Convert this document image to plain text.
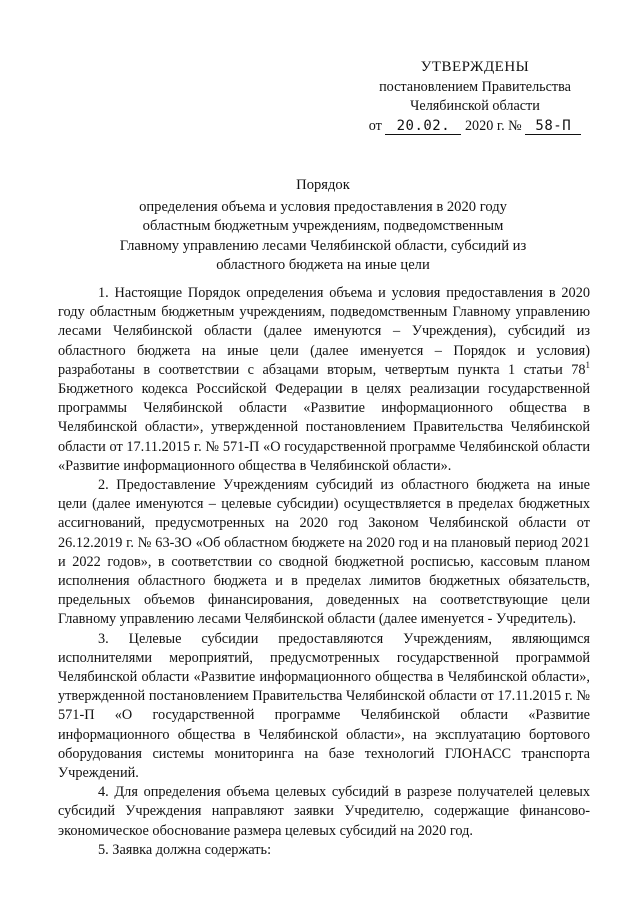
УТВЕРЖДЕНЫ
постановлением Правительства
Челябинской области
от 20.02. 2020 г. № 58-П
Порядок
определения объема и условия предоставления в 2020 году
областным бюджетным учреждениям, подведомственным
Главному управлению лесами Челябинской области, субсидий из
областного бюджета на иные цели

1. Настоящие Порядок определения объема и условия предоставления в 2020 году областным бюджетным учреждениям, подведомственным Главному управлению лесами Челябинской области (далее именуются – Учреждения), субсидий из областного бюджета на иные цели (далее именуется – Порядок и условия) разработаны в соответствии с абзацами вторым, четвертым пункта 1 статьи $78^1$ Бюджетного кодекса Российской Федерации в целях реализации государственной программы Челябинской области «Развитие информационного общества в Челябинской области», утвержденной постановлением Правительства Челябинской области от 17.11.2015 г. № 571-П «О государственной программе Челябинской области «Развитие информационного общества в Челябинской области».

2. Предоставление Учреждениям субсидий из областного бюджета на иные цели (далее именуются – целевые субсидии) осуществляется в пределах бюджетных ассигнований, предусмотренных на 2020 год Законом Челябинской области от 26.12.2019 г. № 63-ЗО «Об областном бюджете на 2020 год и на плановый период 2021 и 2022 годов», в соответствии со сводной бюджетной росписью, кассовым планом исполнения областного бюджета и в пределах лимитов бюджетных обязательств, предельных объемов финансирования, доведенных на соответствующие цели Главному управлению лесами Челябинской области (далее именуется - Учредитель).

3. Целевые субсидии предоставляются Учреждениям, являющимся исполнителями мероприятий, предусмотренных государственной программой Челябинской области «Развитие информационного общества в Челябинской области», утвержденной постановлением Правительства Челябинской области от 17.11.2015 г. № 571-П «О государственной программе Челябинской области «Развитие информационного общества в Челябинской области», на эксплуатацию бортового оборудования системы мониторинга на базе технологий ГЛОНАСС транспорта Учреждений.

4. Для определения объема целевых субсидий в разрезе получателей целевых субсидий Учреждения направляют заявки Учредителю, содержащие финансово-экономическое обоснование размера целевых субсидий на 2020 год.

5. Заявка должна содержать:
